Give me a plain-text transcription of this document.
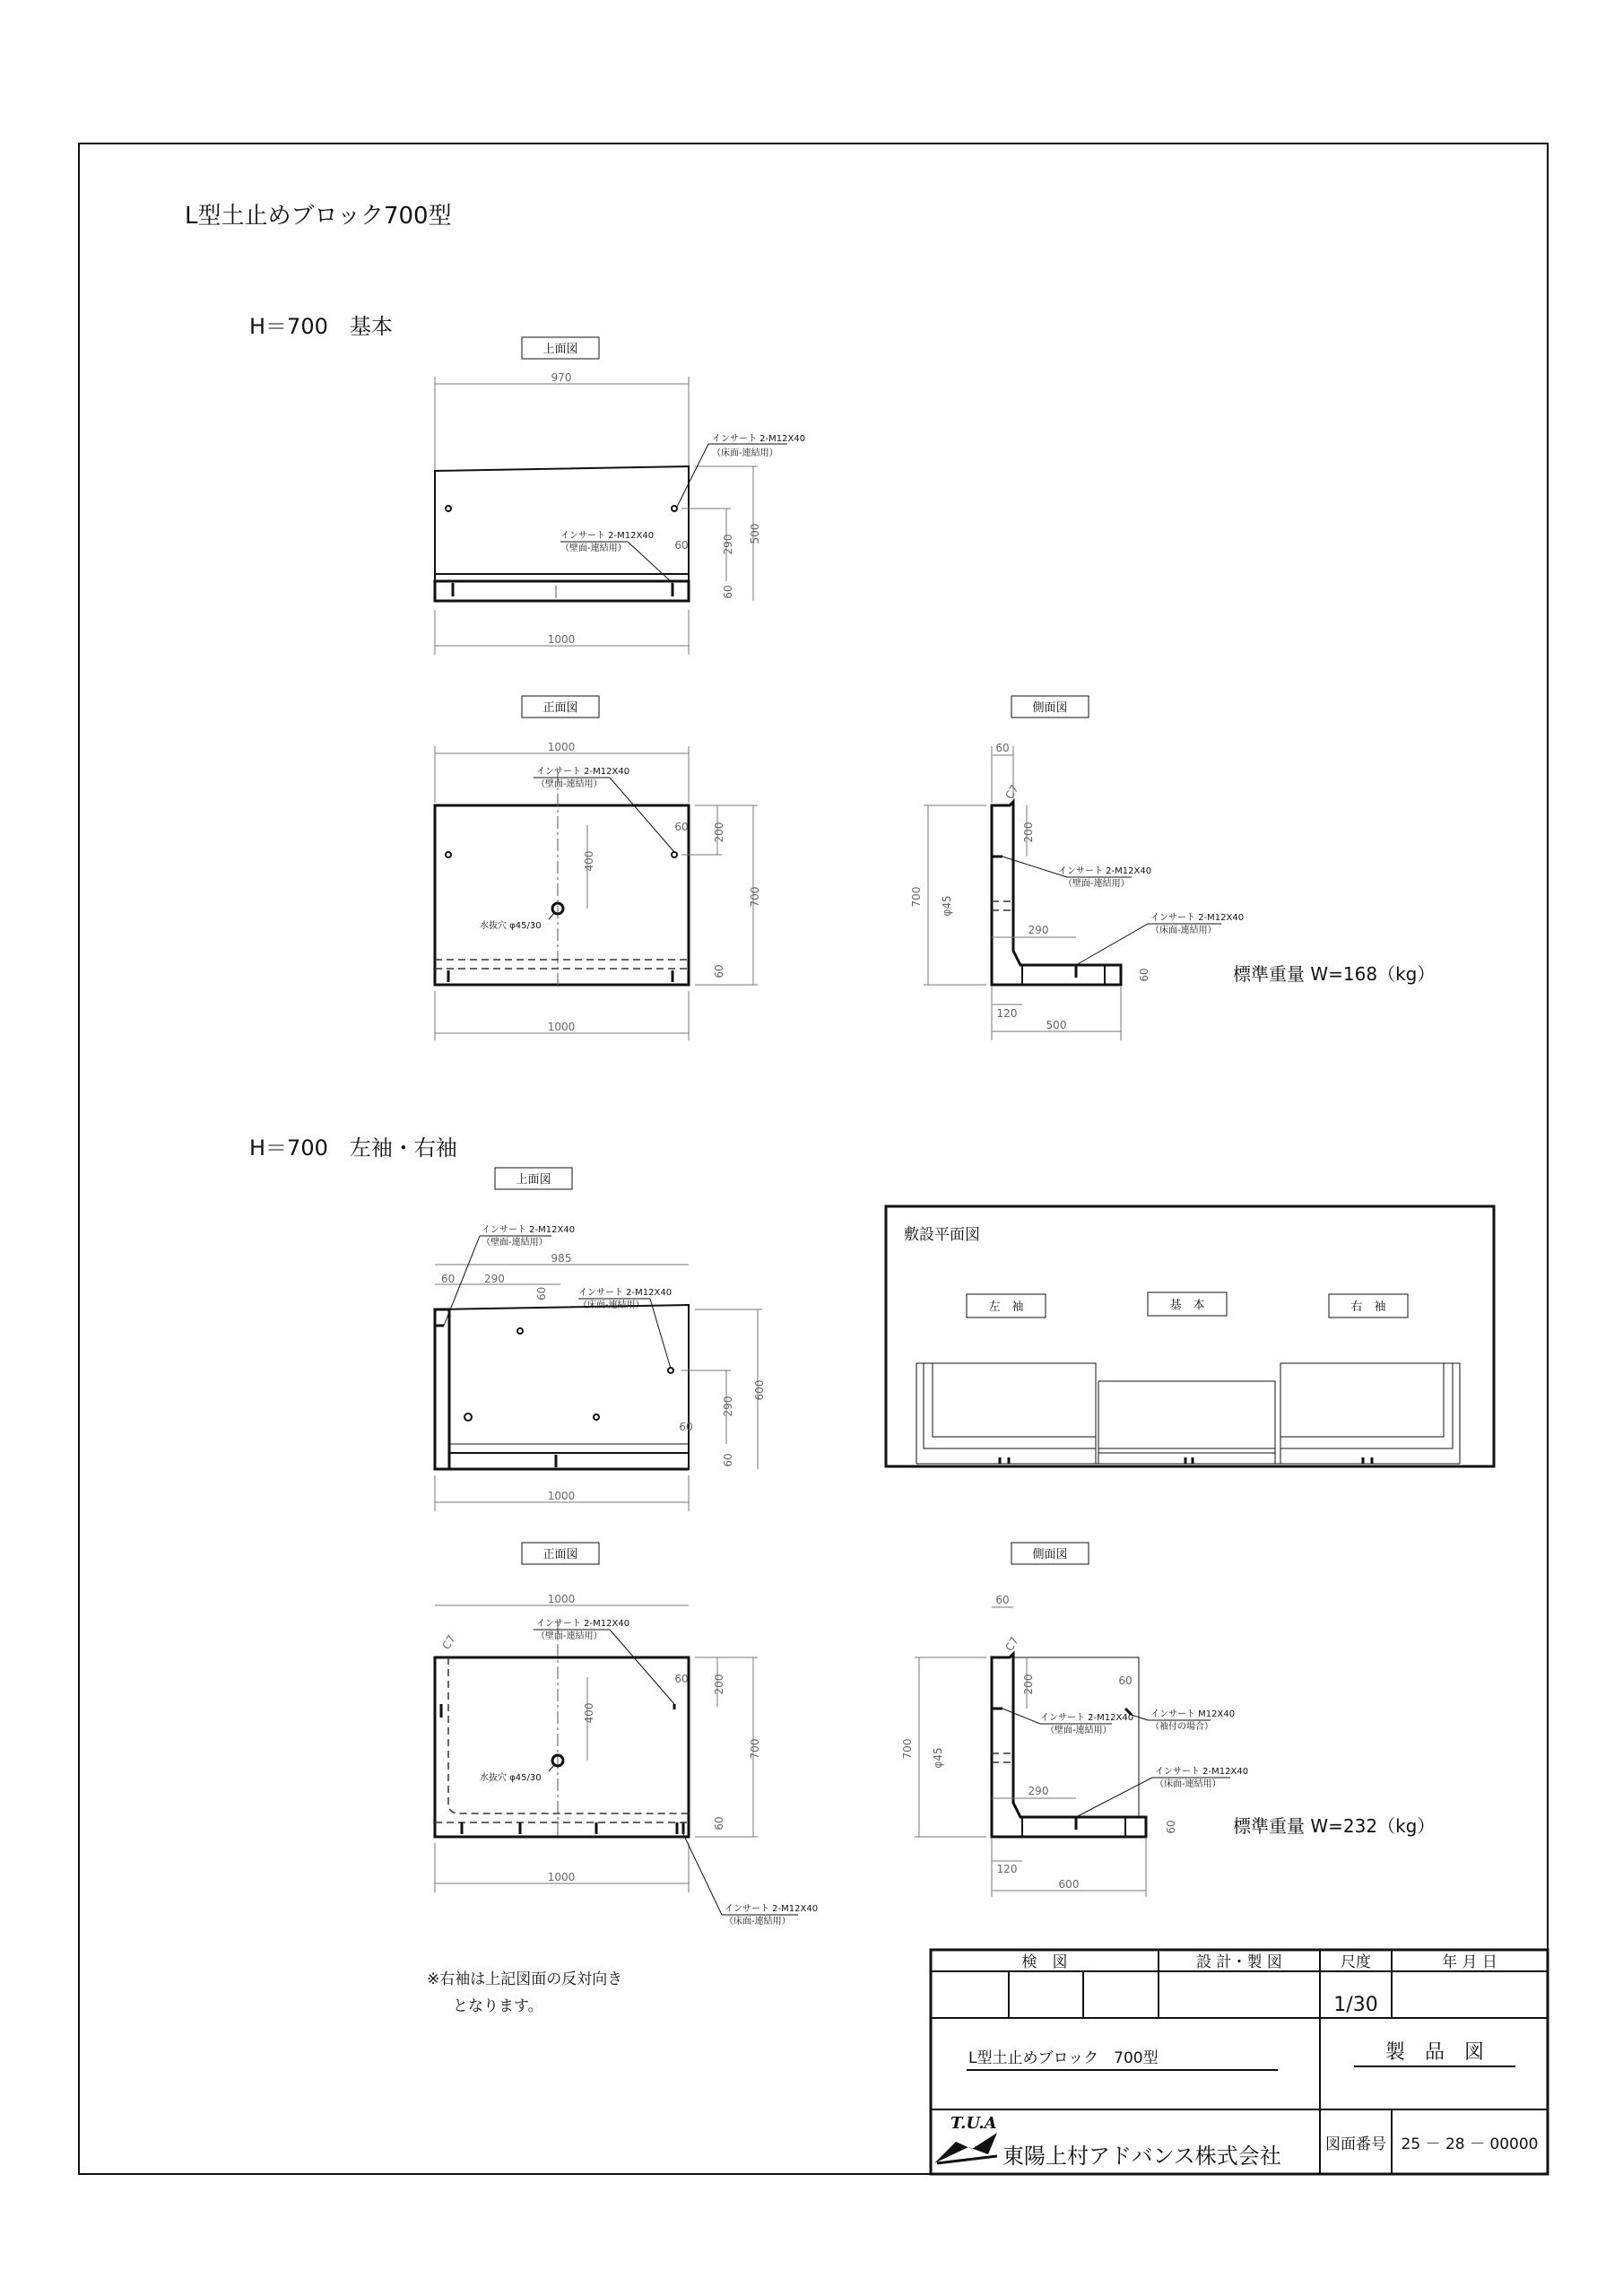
L型土止めブロック700型
H＝700　基本
上面図
970
1000
500
290
60
60
インサート 2-M12X40
（床面-連結用）
インサート 2-M12X40
（壁面-連結用）
正面図
1000
1000
700
200
60
60
400
インサート 2-M12X40
（壁面-連結用）
水抜穴 φ45/30
側面図
60
C7
200
700 φ45
290
60
120
500
インサート 2-M12X40
（壁面-連結用）
インサート 2-M12X40
（床面-連結用）
標準重量 W=168（kg）
H＝700　左袖・右袖
上面図
985
60	290
60
600
290
60
60
1000
インサート 2-M12X40
（壁面-連結用）
インサート 2-M12X40
（床面-連結用）
正面図
1000
C7
1000
700
200
60
60
400
インサート 2-M12X40
（壁面-連結用）
水抜穴 φ45/30
インサート 2-M12X40
（床面-連結用）
側面図
60
C7
200	60
700 φ45
290
60
120
600
インサート 2-M12X40
（壁面-連結用）
インサート M12X40
（袖付の場合）
インサート 2-M12X40
（床面-連結用）
標準重量 W=232（kg）
敷設平面図
左　袖	基　本	右　袖
※右袖は上記図面の反対向き
となります。
検　図	設 計・製 図	尺度	年 月 日
1/30
L型土止めブロック　700型	製　品　図
T.U.A
東陽上村アドバンス株式会社	図面番号 25 － 28 － 00000
